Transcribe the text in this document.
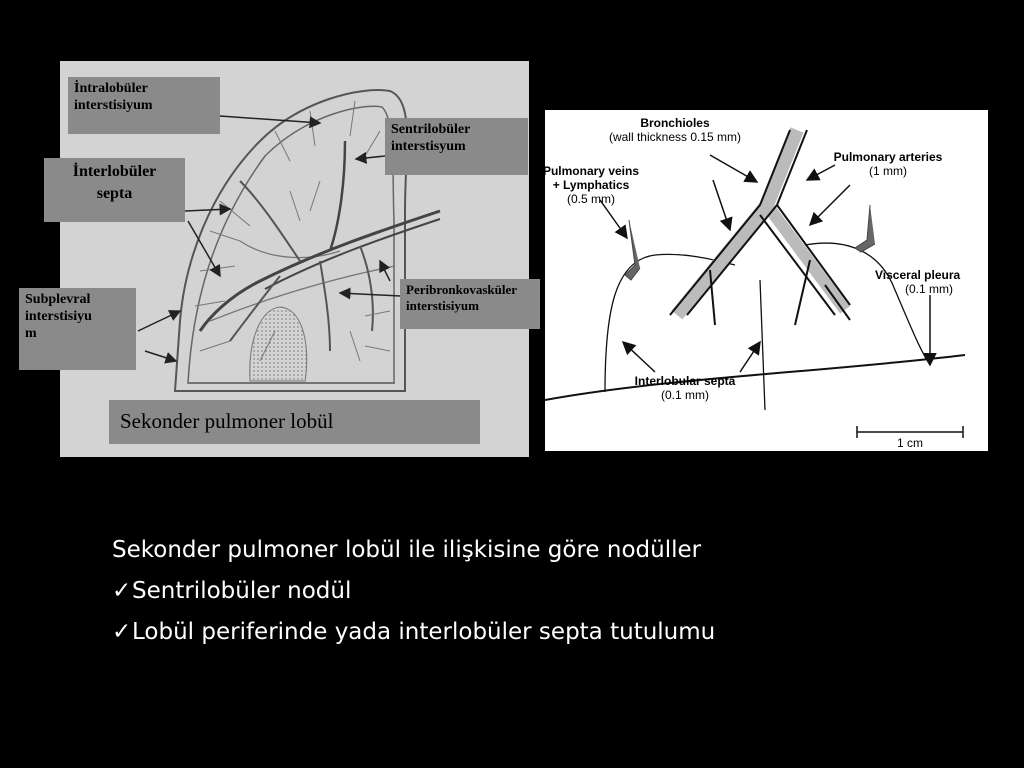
İntralobüler
interstisiyum
İnterlobüler
septa
Subplevral
interstisiyu
m
Sentrilobüler
interstisyum
Peribronkovasküler
interstisiyum
Sekonder pulmoner lobül
Bronchioles
(wall thickness 0.15 mm)
Pulmonary veins
+ Lymphatics
(0.5 mm)
Pulmonary arteries
(1 mm)
Visceral pleura
(0.1 mm)
Interlobular septa
(0.1 mm)
1 cm
Sekonder pulmoner lobül ile ilişkisine göre nodüller
✓Sentrilobüler nodül
✓Lobül periferinde yada interlobüler septa tutulumu
